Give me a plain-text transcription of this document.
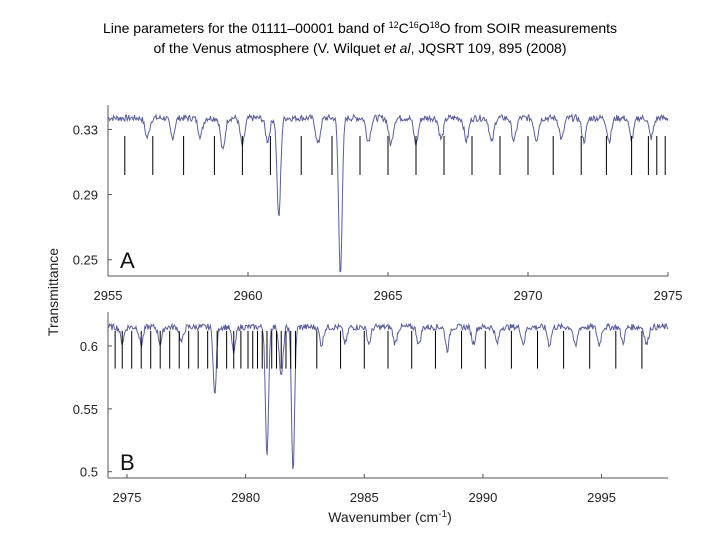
Line parameters for the 01111–00001 band of $^{12}C^{16}O^{18}O$ from SOIR measurements
of the Venus atmosphere (V. Wilquet et al, JQSRT 109, 895 (2008)
0.25
0.29
0.33
2955	2960	2965	2970	2975
A
0.5
0.55
0.6
2975	2980	2985	2990	2995
B
Transmittance
Wavenumber $(cm^{-1})$
